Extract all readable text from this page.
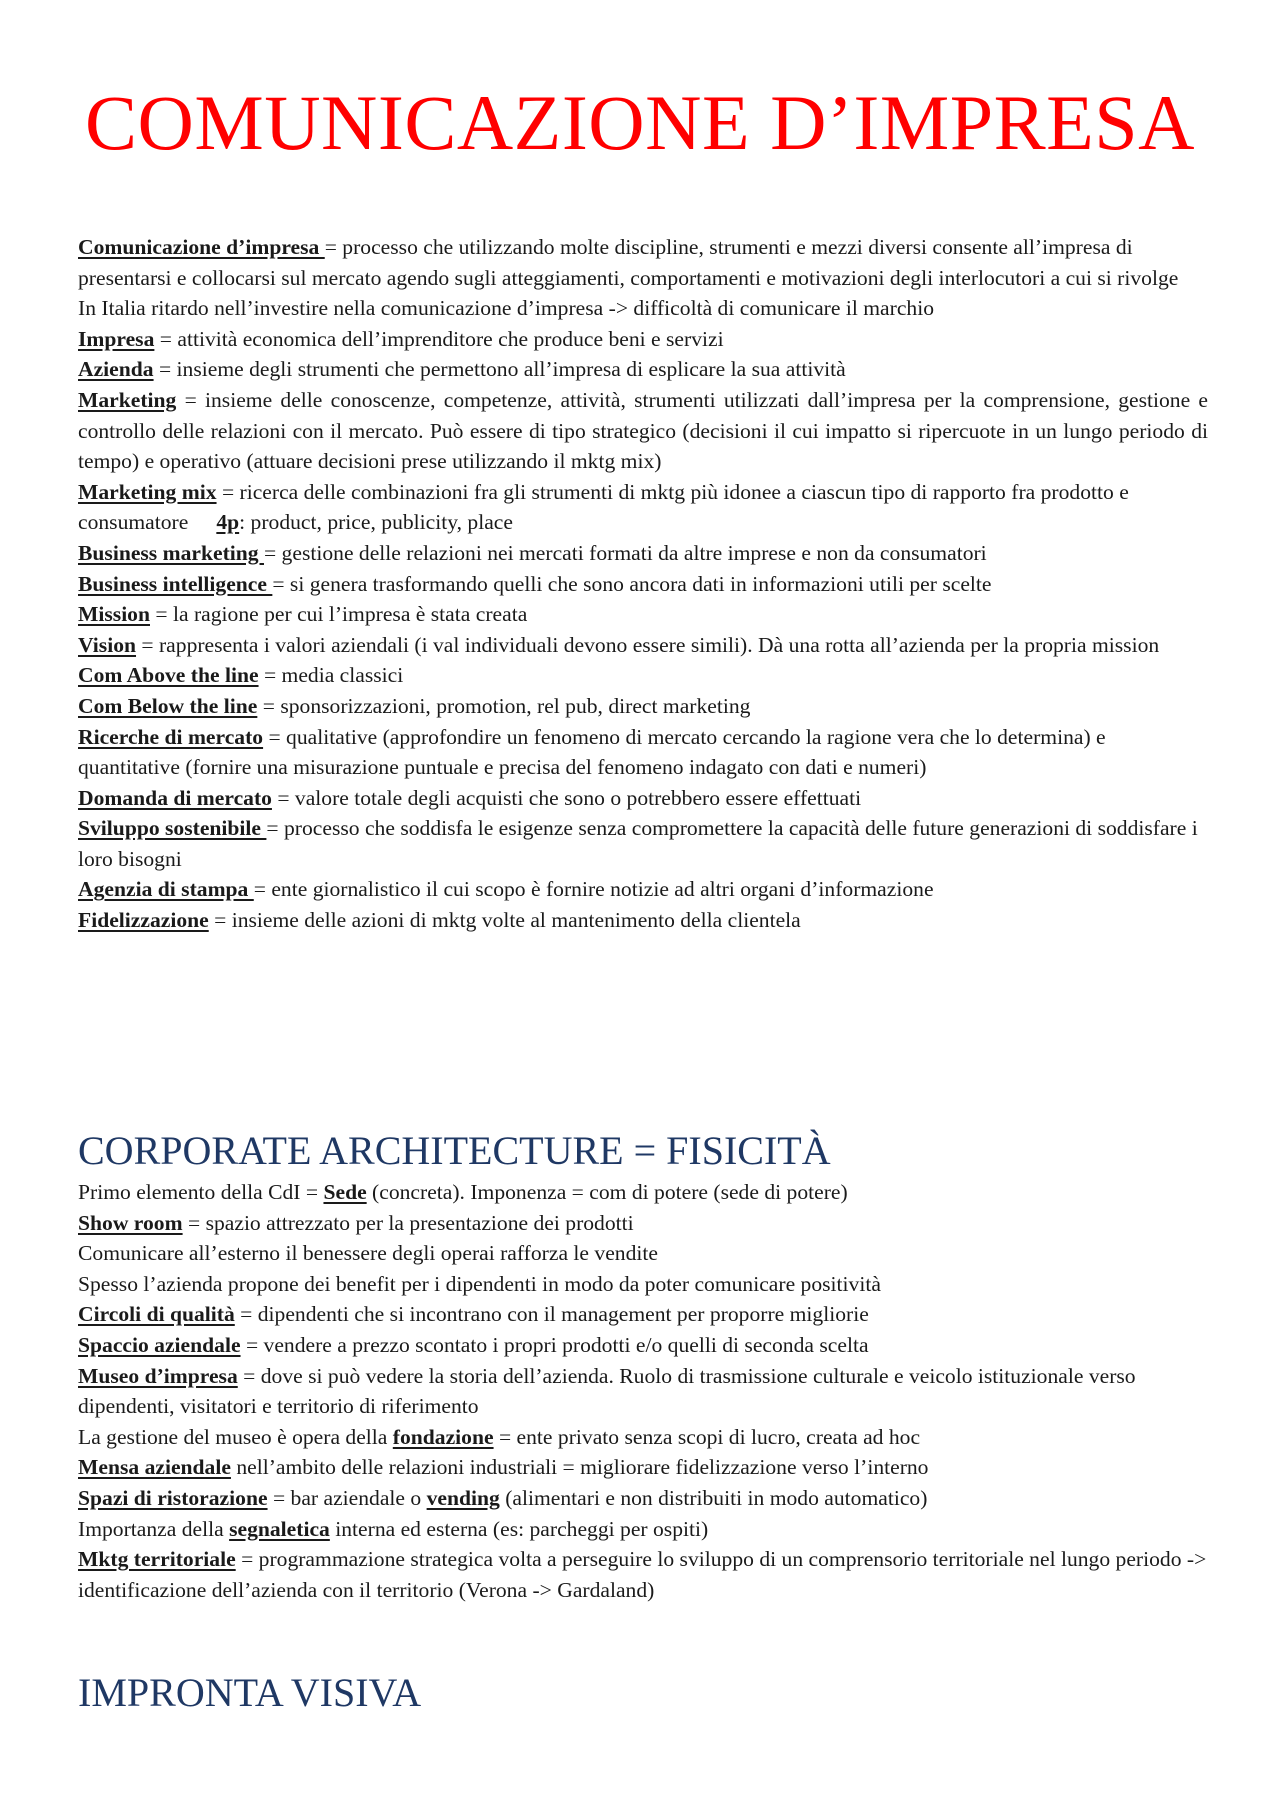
COMUNICAZIONE D’IMPRESA

Comunicazione d’impresa = processo che utilizzando molte discipline, strumenti e mezzi diversi consente all’impresa di presentarsi e collocarsi sul mercato agendo sugli atteggiamenti, comportamenti e motivazioni degli interlocutori a cui si rivolge

In Italia ritardo nell’investire nella comunicazione d’impresa -> difficoltà di comunicare il marchio

Impresa = attività economica dell’imprenditore che produce beni e servizi

Azienda = insieme degli strumenti che permettono all’impresa di esplicare la sua attività

Marketing = insieme delle conoscenze, competenze, attività, strumenti utilizzati dall’impresa per la comprensione, gestione e controllo delle relazioni con il mercato. Può essere di tipo strategico (decisioni il cui impatto si ripercuote in un lungo periodo di tempo) e operativo (attuare decisioni prese utilizzando il mktg mix)

Marketing mix = ricerca delle combinazioni fra gli strumenti di mktg più idonee a ciascun tipo di rapporto fra prodotto e consumatore 4p: product, price, publicity, place

Business marketing = gestione delle relazioni nei mercati formati da altre imprese e non da consumatori

Business intelligence = si genera trasformando quelli che sono ancora dati in informazioni utili per scelte

Mission = la ragione per cui l’impresa è stata creata

Vision = rappresenta i valori aziendali (i val individuali devono essere simili). Dà una rotta all’azienda per la propria mission

Com Above the line = media classici

Com Below the line = sponsorizzazioni, promotion, rel pub, direct marketing

Ricerche di mercato = qualitative (approfondire un fenomeno di mercato cercando la ragione vera che lo determina) e quantitative (fornire una misurazione puntuale e precisa del fenomeno indagato con dati e numeri)

Domanda di mercato = valore totale degli acquisti che sono o potrebbero essere effettuati

Sviluppo sostenibile = processo che soddisfa le esigenze senza compromettere la capacità delle future generazioni di soddisfare i loro bisogni

Agenzia di stampa = ente giornalistico il cui scopo è fornire notizie ad altri organi d’informazione

Fidelizzazione = insieme delle azioni di mktg volte al mantenimento della clientela

CORPORATE ARCHITECTURE = FISICITÀ

Primo elemento della CdI = Sede (concreta). Imponenza = com di potere (sede di potere)

Show room = spazio attrezzato per la presentazione dei prodotti

Comunicare all’esterno il benessere degli operai rafforza le vendite

Spesso l’azienda propone dei benefit per i dipendenti in modo da poter comunicare positività

Circoli di qualità = dipendenti che si incontrano con il management per proporre migliorie

Spaccio aziendale = vendere a prezzo scontato i propri prodotti e/o quelli di seconda scelta

Museo d’impresa = dove si può vedere la storia dell’azienda. Ruolo di trasmissione culturale e veicolo istituzionale verso dipendenti, visitatori e territorio di riferimento

La gestione del museo è opera della fondazione = ente privato senza scopi di lucro, creata ad hoc

Mensa aziendale nell’ambito delle relazioni industriali = migliorare fidelizzazione verso l’interno

Spazi di ristorazione = bar aziendale o vending (alimentari e non distribuiti in modo automatico)

Importanza della segnaletica interna ed esterna (es: parcheggi per ospiti)

Mktg territoriale = programmazione strategica volta a perseguire lo sviluppo di un comprensorio territoriale nel lungo periodo -> identificazione dell’azienda con il territorio (Verona -> Gardaland)

IMPRONTA VISIVA
